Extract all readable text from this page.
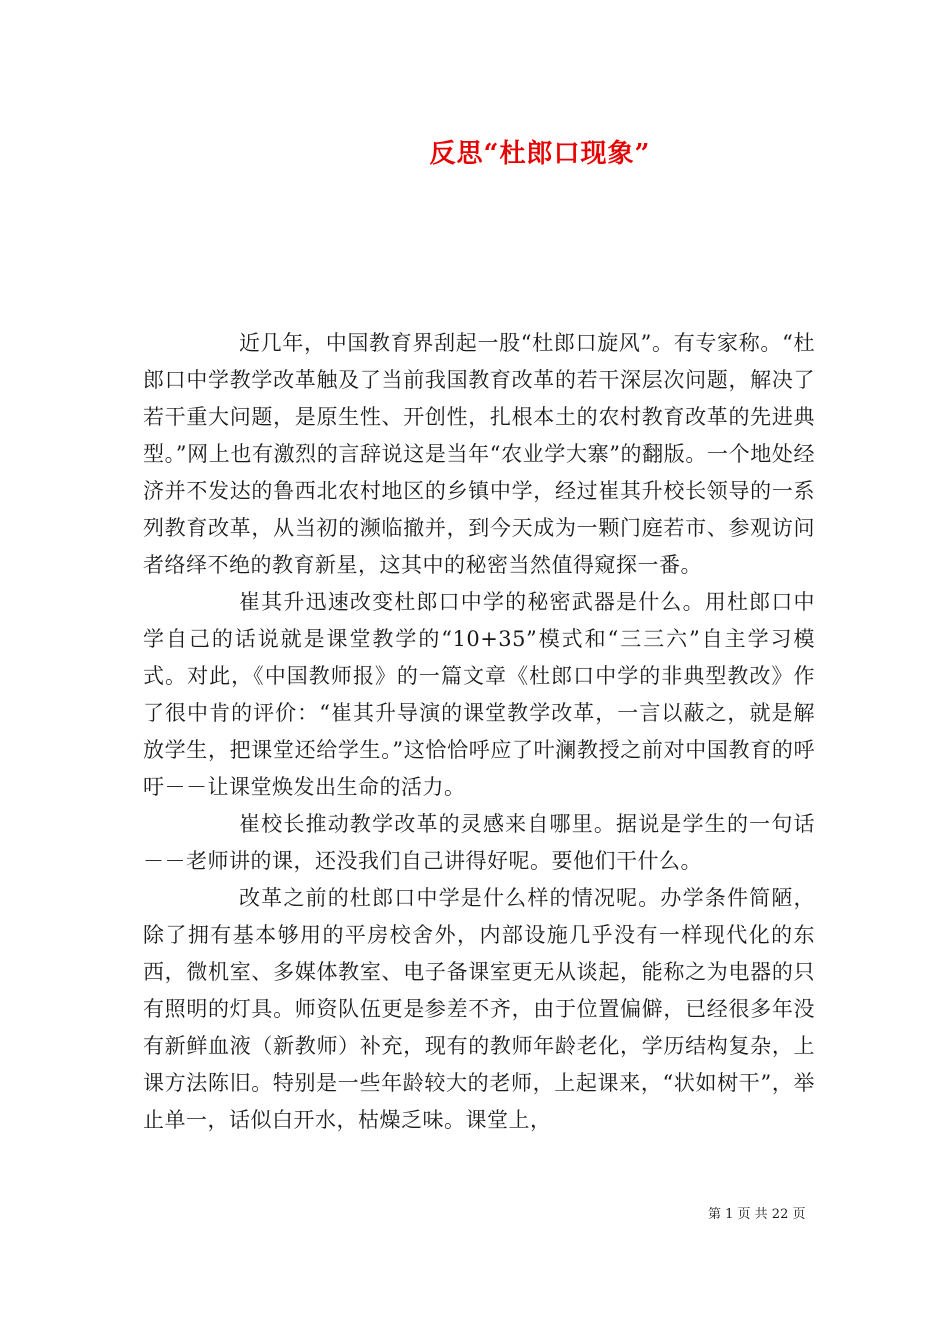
反思“杜郎口现象”

近几年，中国教育界刮起一股“杜郎口旋风”。有专家称。“杜郎口中学教学改革触及了当前我国教育改革的若干深层次问题，解决了若干重大问题，是原生性、开创性，扎根本土的农村教育改革的先进典型。”网上也有激烈的言辞说这是当年“农业学大寨”的翻版。一个地处经济并不发达的鲁西北农村地区的乡镇中学，经过崔其升校长领导的一系列教育改革，从当初的濒临撤并，到今天成为一颗门庭若市、参观访问者络绎不绝的教育新星，这其中的秘密当然值得窥探一番。

崔其升迅速改变杜郎口中学的秘密武器是什么。用杜郎口中学自己的话说就是课堂教学的“10+35”模式和“三三六”自主学习模式。对此，《中国教师报》的一篇文章《杜郎口中学的非典型教改》作了很中肯的评价：“崔其升导演的课堂教学改革，一言以蔽之，就是解放学生，把课堂还给学生。”这恰恰呼应了叶澜教授之前对中国教育的呼吁－－让课堂焕发出生命的活力。

崔校长推动教学改革的灵感来自哪里。据说是学生的一句话－－老师讲的课，还没我们自己讲得好呢。要他们干什么。

改革之前的杜郎口中学是什么样的情况呢。办学条件简陋，除了拥有基本够用的平房校舍外，内部设施几乎没有一样现代化的东西，微机室、多媒体教室、电子备课室更无从谈起，能称之为电器的只有照明的灯具。师资队伍更是参差不齐，由于位置偏僻，已经很多年没有新鲜血液（新教师）补充，现有的教师年龄老化，学历结构复杂，上课方法陈旧。特别是一些年龄较大的老师，上起课来，“状如树干”，举止单一，话似白开水，枯燥乏味。课堂上，

第 1 页 共 22 页
